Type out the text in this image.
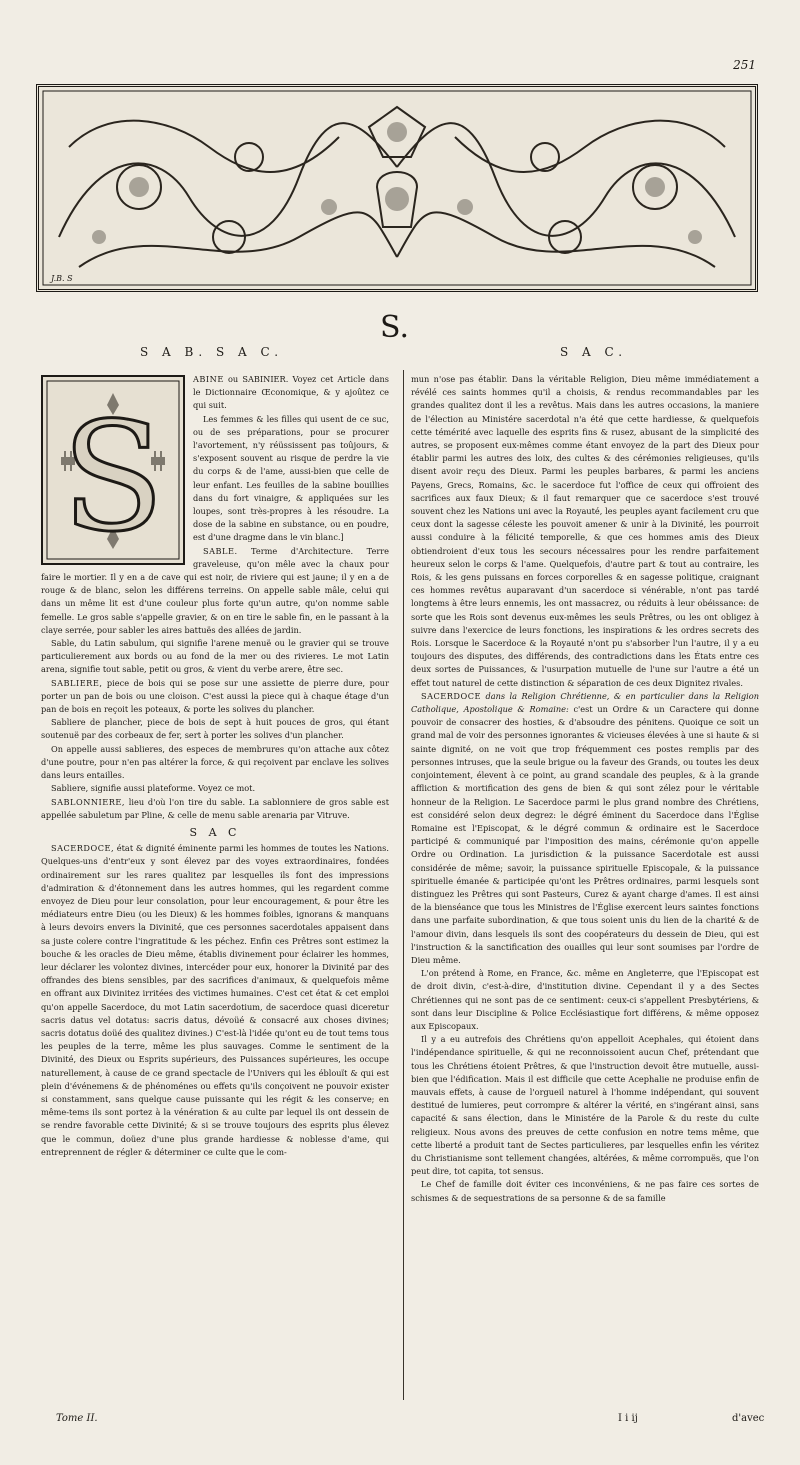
251
J.B. S
S.
S A B. S A C.	S A C.
S

ABINE ou SABINIER. Voyez cet Article dans le Dictionnaire Œconomique, & y ajoûtez ce qui suit.

Les femmes & les filles qui usent de ce suc, ou de ses préparations, pour se procurer l'avortement, n'y réüssissent pas toûjours, & s'exposent souvent au risque de perdre la vie du corps & de l'ame, aussi-bien que celle de leur enfant. Les feuilles de la sabine bouillies dans du fort vinaigre, & appliquées sur les loupes, sont très-propres à les résoudre. La dose de la sabine en substance, ou en poudre, est d'une dragme dans le vin blanc.]

SABLE. Terme d'Architecture. Terre graveleuse, qu'on mêle avec la chaux pour faire le mortier. Il y en a de cave qui est noir, de riviere qui est jaune; il y en a de rouge & de blanc, selon les différens terreins. On appelle sable mâle, celui qui dans un même lit est d'une couleur plus forte qu'un autre, qu'on nomme sable femelle. Le gros sable s'appelle gravier, & on en tire le sable fin, en le passant à la claye serrée, pour sabler les aires battuës des allées de jardin.

Sable, du Latin sabulum, qui signifie l'arene menuë ou le gravier qui se trouve particulierement aux bords ou au fond de la mer ou des rivieres. Le mot Latin arena, signifie tout sable, petit ou gros, & vient du verbe arere, être sec.

SABLIERE, piece de bois qui se pose sur une assiette de pierre dure, pour porter un pan de bois ou une cloison. C'est aussi la piece qui à chaque étage d'un pan de bois en reçoit les poteaux, & porte les solives du plancher.

Sabliere de plancher, piece de bois de sept à huit pouces de gros, qui étant soutenuë par des corbeaux de fer, sert à porter les solives d'un plancher.

On appelle aussi sablieres, des especes de membrures qu'on attache aux côtez d'une poutre, pour n'en pas altérer la force, & qui reçoivent par enclave les solives dans leurs entailles.

Sabliere, signifie aussi plateforme. Voyez ce mot.

SABLONNIERE, lieu d'où l'on tire du sable. La sablonniere de gros sable est appellée sabuletum par Pline, & celle de menu sable arenaria par Vitruve.

S A C

SACERDOCE, état & dignité éminente parmi les hommes de toutes les Nations. Quelques-uns d'entr'eux y sont élevez par des voyes extraordinaires, fondées ordinairement sur les rares qualitez par lesquelles ils font des impressions d'admiration & d'étonnement dans les autres hommes, qui les regardent comme envoyez de Dieu pour leur consolation, pour leur encouragement, & pour être les médiateurs entre Dieu (ou les Dieux) & les hommes foibles, ignorans & manquans à leurs devoirs envers la Divinité, que ces personnes sacerdotales appaisent dans sa juste colere contre l'ingratitude & les péchez. Enfin ces Prêtres sont estimez la bouche & les oracles de Dieu même, établis divinement pour éclairer les hommes, leur déclarer les volontez divines, intercéder pour eux, honorer la Divinité par des offrandes des biens sensibles, par des sacrifices d'animaux, & quelquefois même en offrant aux Divinitez irritées des victimes humaines. C'est cet état & cet emploi qu'on appelle Sacerdoce, du mot Latin sacerdotium, de sacerdoce quasi diceretur sacris datus vel dotatus: sacris datus, dévoüé & consacré aux choses divines; sacris dotatus doüé des qualitez divines.) C'est-là l'idée qu'ont eu de tout tems tous les peuples de la terre, même les plus sauvages. Comme le sentiment de la Divinité, des Dieux ou Esprits supérieurs, des Puissances supérieures, les occupe naturellement, à cause de ce grand spectacle de l'Univers qui les éblouït & qui est plein d'événemens & de phénoménes ou effets qu'ils conçoivent ne pouvoir exister si constamment, sans quelque cause puissante qui les régit & les conserve; en même-tems ils sont portez à la vénération & au culte par lequel ils ont dessein de se rendre favorable cette Divinité; & si se trouve toujours des esprits plus élevez que le commun, doüez d'une plus grande hardiesse & noblesse d'ame, qui entreprennent de régler & déterminer ce culte que le com-

mun n'ose pas établir. Dans la véritable Religion, Dieu même immédiatement a révélé ces saints hommes qu'il a choisis, & rendus recommandables par les grandes qualitez dont il les a revêtus. Mais dans les autres occasions, la maniere de l'élection au Ministére sacerdotal n'a été que cette hardiesse, & quelquefois cette témérité avec laquelle des esprits fins & rusez, abusant de la simplicité des autres, se proposent eux-mêmes comme étant envoyez de la part des Dieux pour établir parmi les autres des loix, des cultes & des cérémonies religieuses, qu'ils disent avoir reçu des Dieux. Parmi les peuples barbares, & parmi les anciens Payens, Grecs, Romains, &c. le sacerdoce fut l'office de ceux qui offroient des sacrifices aux faux Dieux; & il faut remarquer que ce sacerdoce s'est trouvé souvent chez les Nations uni avec la Royauté, les peuples ayant facilement cru que ceux dont la sagesse céleste les pouvoit amener & unir à la Divinité, les pourroit aussi conduire à la félicité temporelle, & que ces hommes amis des Dieux obtiendroient d'eux tous les secours nécessaires pour les rendre parfaitement heureux selon le corps & l'ame. Quelquefois, d'autre part & tout au contraire, les Rois, & les gens puissans en forces corporelles & en sagesse politique, craignant ces hommes revêtus auparavant d'un sacerdoce si vénérable, n'ont pas tardé longtems à être leurs ennemis, les ont massacrez, ou réduits à leur obéissance: de sorte que les Rois sont devenus eux-mêmes les seuls Prêtres, ou les ont obligez à suivre dans l'exercice de leurs fonctions, les inspirations & les ordres secrets des Rois. Lorsque le Sacerdoce & la Royauté n'ont pu s'absorber l'un l'autre, il y a eu toujours des disputes, des différends, des contradictions dans les États entre ces deux sortes de Puissances, & l'usurpation mutuelle de l'une sur l'autre a été un effet tout naturel de cette distinction & séparation de ces deux Dignitez rivales.

SACERDOCE dans la Religion Chrétienne, & en particulier dans la Religion Catholique, Apostolique & Romaine: c'est un Ordre & un Caractere qui donne pouvoir de consacrer des hosties, & d'absoudre des pénitens. Quoique ce soit un grand mal de voir des personnes ignorantes & vicieuses élevées à une si haute & si sainte dignité, on ne voit que trop fréquemment ces postes remplis par des personnes intruses, que la seule brigue ou la faveur des Grands, ou toutes les deux conjointement, élevent à ce point, au grand scandale des peuples, & à la grande affliction & mortification des gens de bien & qui sont zélez pour le véritable honneur de la Religion. Le Sacerdoce parmi le plus grand nombre des Chrétiens, est considéré selon deux degrez: le dégré éminent du Sacerdoce dans l'Église Romaine est l'Episcopat, & le dégré commun & ordinaire est le Sacerdoce participé & communiqué par l'imposition des mains, cérémonie qu'on appelle Ordre ou Ordination. La jurisdiction & la puissance Sacerdotale est aussi considérée de même; savoir, la puissance spirituelle Episcopale, & la puissance spirituelle émanée & participée qu'ont les Prêtres ordinaires, parmi lesquels sont distinguez les Prêtres qui sont Pasteurs, Curez & ayant charge d'ames. Il est ainsi de la bienséance que tous les Ministres de l'Église exercent leurs saintes fonctions dans une parfaite subordination, & que tous soient unis du lien de la charité & de l'amour divin, dans lesquels ils sont des coopérateurs du dessein de Dieu, qui est l'instruction & la sanctification des ouailles qui leur sont soumises par l'ordre de Dieu même.

L'on prétend à Rome, en France, &c. même en Angleterre, que l'Episcopat est de droit divin, c'est-à-dire, d'institution divine. Cependant il y a des Sectes Chrétiennes qui ne sont pas de ce sentiment: ceux-ci s'appellent Presbytériens, & sont dans leur Discipline & Police Ecclésiastique fort différens, & même opposez aux Episcopaux.

Il y a eu autrefois des Chrétiens qu'on appelloit Acephales, qui étoient dans l'indépendance spirituelle, & qui ne reconnoissoient aucun Chef, prétendant que tous les Chrétiens étoient Prêtres, & que l'instruction devoit être mutuelle, aussi-bien que l'édification. Mais il est difficile que cette Acephalie ne produise enfin de mauvais effets, à cause de l'orgueil naturel à l'homme indépendant, qui souvent destitué de lumieres, peut corrompre & altérer la vérité, en s'ingérant ainsi, sans capacité & sans élection, dans le Ministére de la Parole & du reste du culte religieux. Nous avons des preuves de cette confusion en notre tems même, que cette liberté a produit tant de Sectes particulieres, par lesquelles enfin les véritez du Christianisme sont tellement changées, altérées, & même corrompuës, que l'on peut dire, tot capita, tot sensus.

Le Chef de famille doit éviter ces inconvéniens, & ne pas faire ces sortes de schismes & de sequestrations de sa personne & de sa famille

Tome II.	I i ij	d'avec
